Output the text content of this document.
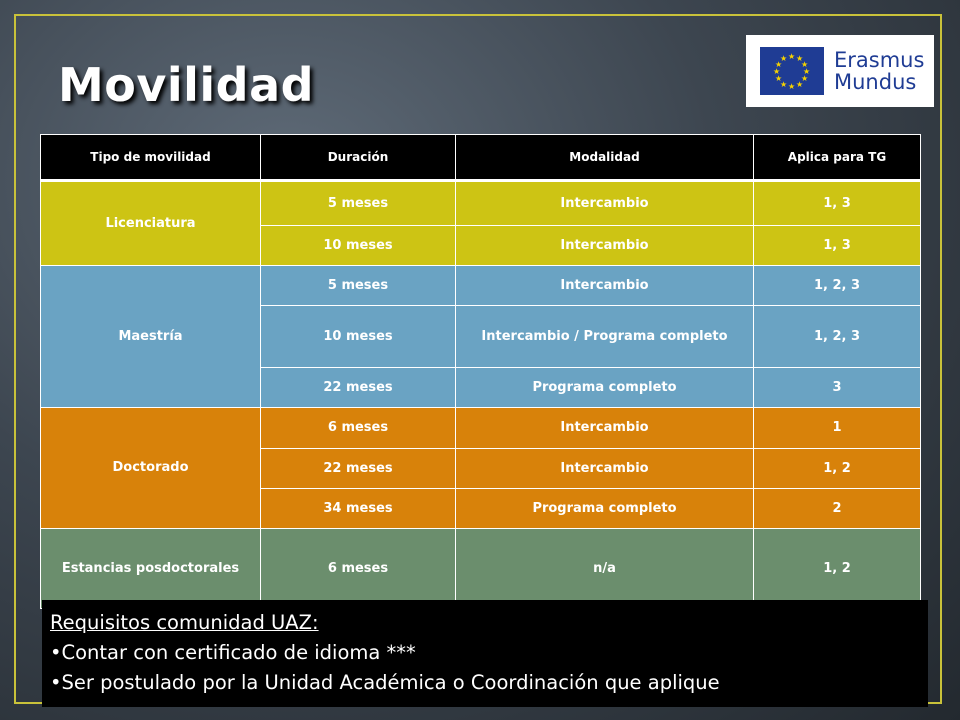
Movilidad
★ ★
★
★
★
★
★
★
★
★
★
★ Erasmus
Mundus
Tipo de movilidad	Duración	Modalidad	Aplica para TG
Licenciatura	5 meses	Intercambio	1, 3
	10 meses	Intercambio	1, 3
Maestría	5 meses	Intercambio	1, 2, 3
	10 meses	Intercambio / Programa completo	1, 2, 3
	22 meses	Programa completo	3
Doctorado	6 meses	Intercambio	1
	22 meses	Intercambio	1, 2
	34 meses	Programa completo	2
Estancias posdoctorales	6 meses	n/a	1, 2
Requisitos comunidad UAZ:
•Contar con certificado de idioma ***
•Ser postulado por la Unidad Académica o Coordinación que aplique
